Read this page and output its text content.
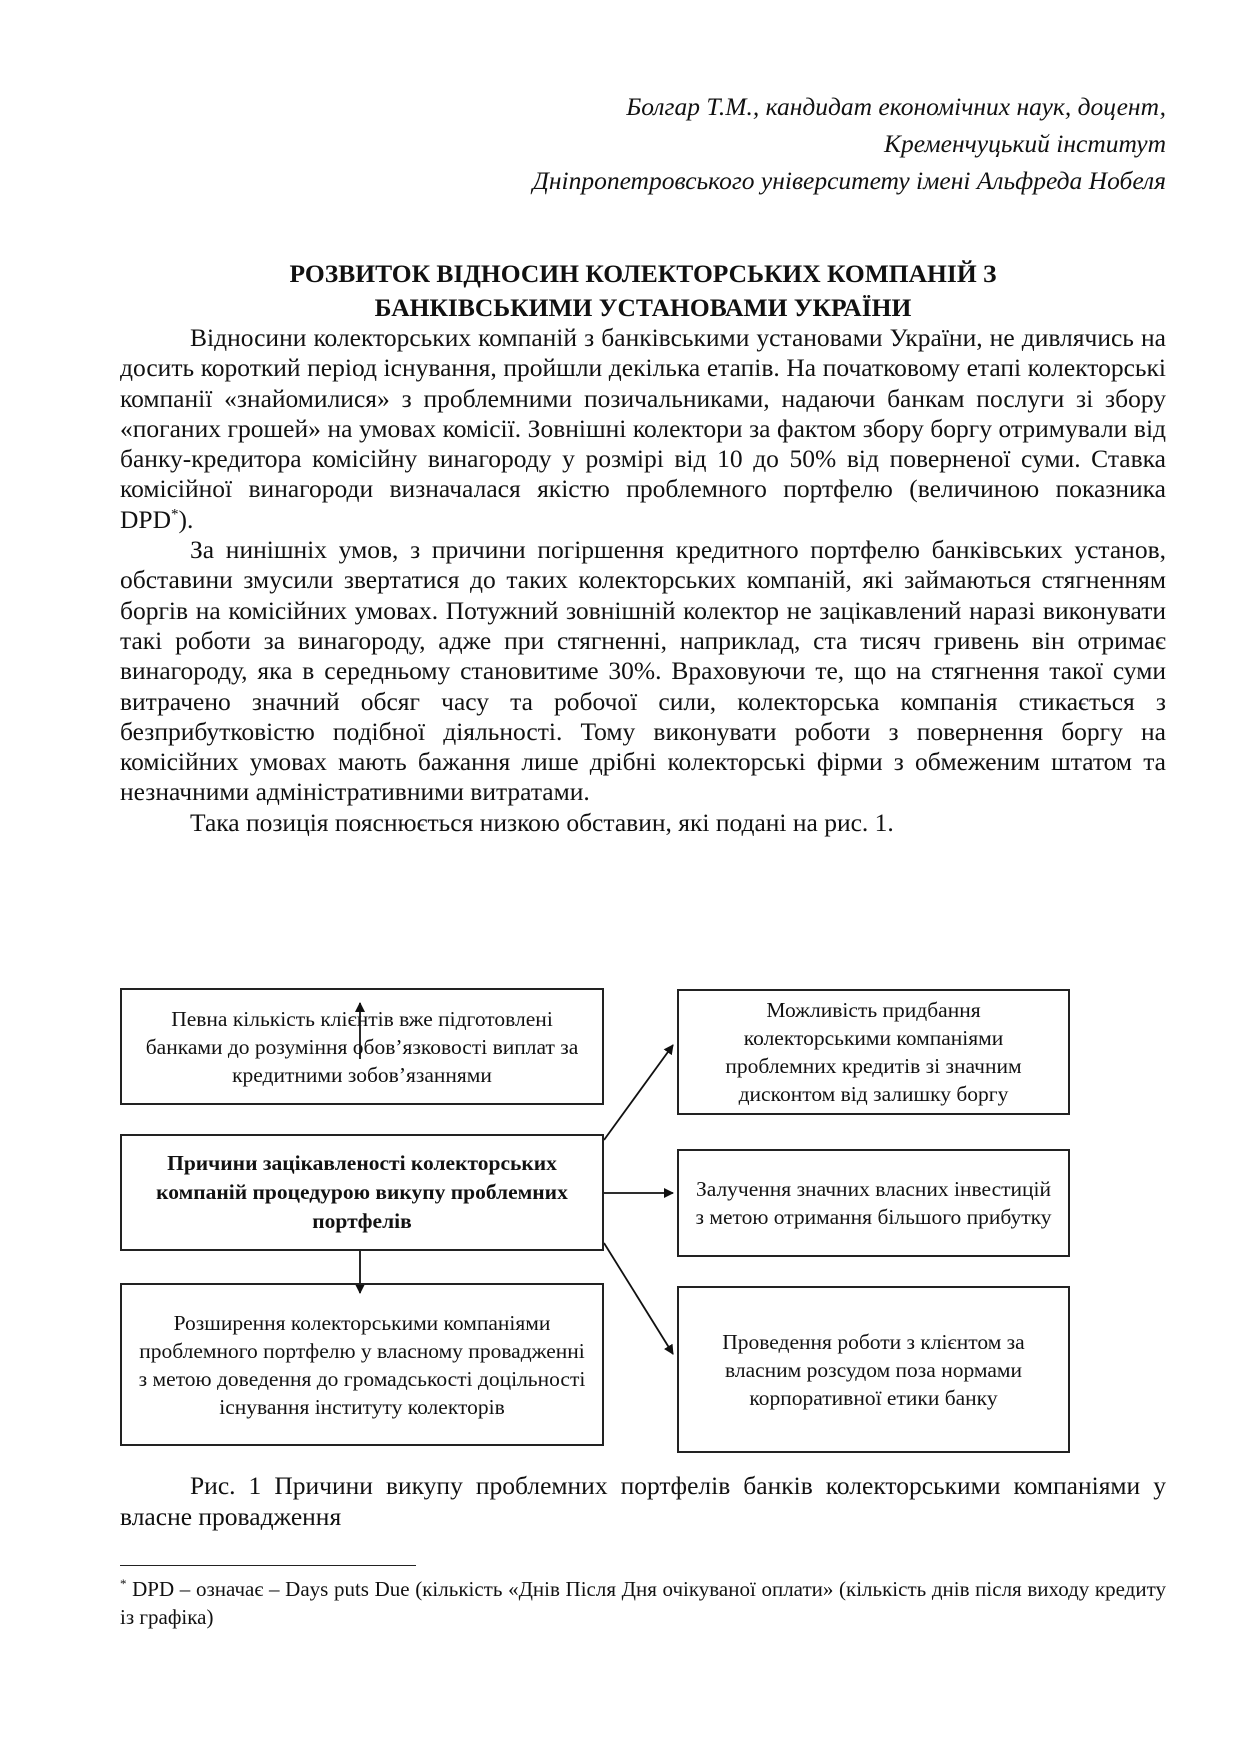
Болгар Т.М., кандидат економічних наук, доцент,
Кременчуцький інститут
Дніпропетровського університету імені Альфреда Нобеля
РОЗВИТОК ВІДНОСИН КОЛЕКТОРСЬКИХ КОМПАНІЙ З
БАНКІВСЬКИМИ УСТАНОВАМИ УКРАЇНИ

Відносини колекторських компаній з банківськими установами України, не дивлячись на досить короткий період існування, пройшли декілька етапів. На початковому етапі колекторські компанії «знайомилися» з проблемними позичальниками, надаючи банкам послуги зі збору «поганих грошей» на умовах комісії. Зовнішні колектори за фактом збору боргу отримували від банку-кредитора комісійну винагороду у розмірі від 10 до 50% від поверненої суми. Ставка комісійної винагороди визначалася якістю проблемного портфелю (величиною показника DPD*).

За нинішніх умов, з причини погіршення кредитного портфелю банківських установ, обставини змусили звертатися до таких колекторських компаній, які займаються стягненням боргів на комісійних умовах. Потужний зовнішній колектор не зацікавлений наразі виконувати такі роботи за винагороду, адже при стягненні, наприклад, ста тисяч гривень він отримає винагороду, яка в середньому становитиме 30%. Враховуючи те, що на стягнення такої суми витрачено значний обсяг часу та робочої сили, колекторська компанія стикається з безприбутковістю подібної діяльності. Тому виконувати роботи з повернення боргу на комісійних умовах мають бажання лише дрібні колекторські фірми з обмеженим штатом та незначними адміністративними витратами.

Така позиція пояснюється низкою обставин, які подані на рис. 1.

Певна кількість клієнтів вже підготовлені банками до розуміння обов’язковості виплат за кредитними зобов’язаннями
Причини зацікавленості колекторських компаній процедурою викупу проблемних портфелів
Розширення колекторськими компаніями проблемного портфелю у власному провадженні з метою доведення до громадськості доцільності існування інституту колекторів
Можливість придбання колекторськими компаніями проблемних кредитів зі значним дисконтом від залишку боргу
Залучення значних власних інвестицій з метою отримання більшого прибутку
Проведення роботи з клієнтом за власним розсудом поза нормами корпоративної етики банку

Рис. 1 Причини викупу проблемних портфелів банків колекторськими компаніями у власне провадження

* DPD – означає – Days puts Due (кількість «Днів Після Дня очікуваної оплати» (кількість днів після виходу кредиту із графіка)
